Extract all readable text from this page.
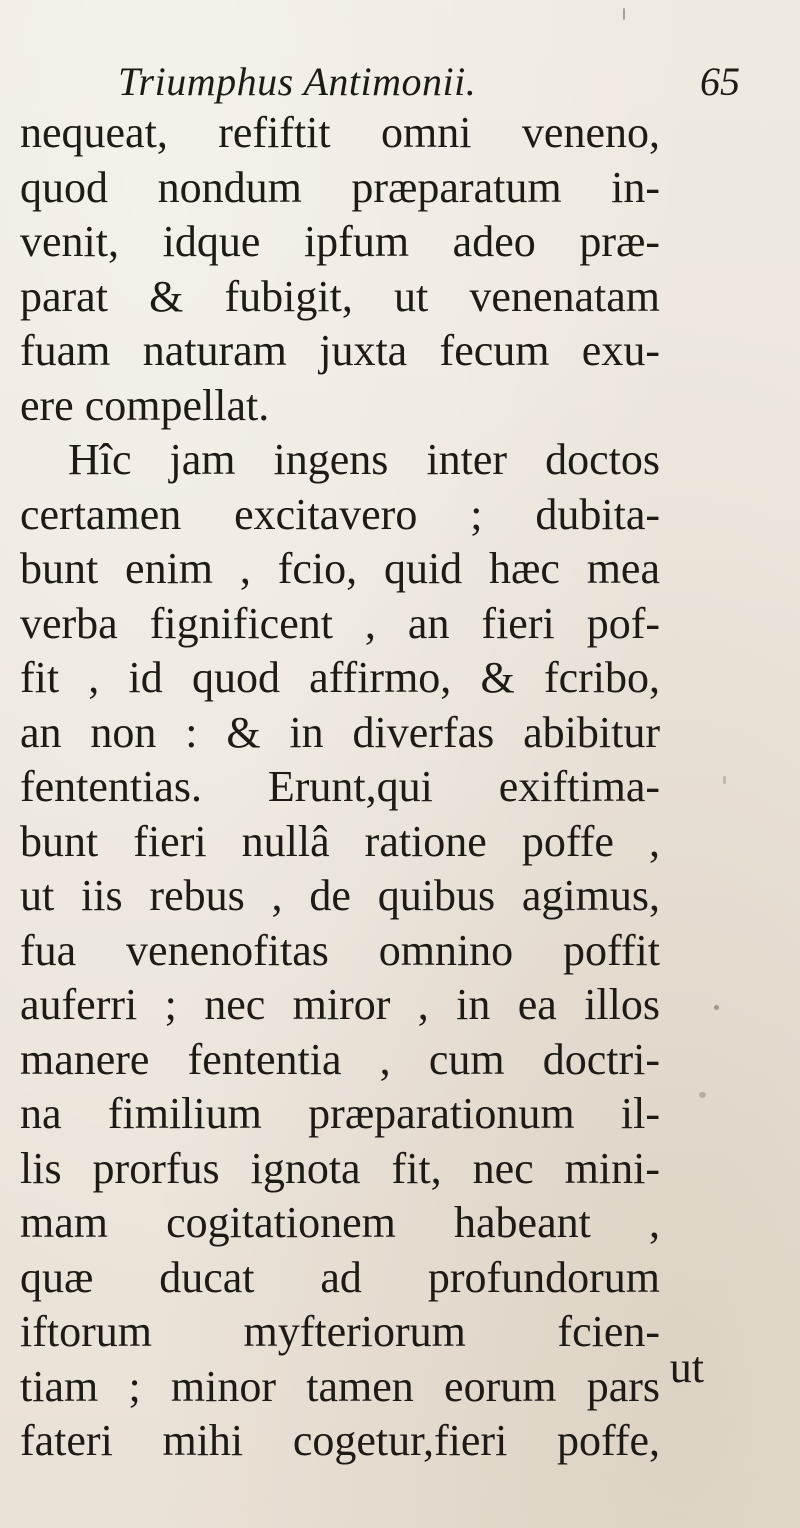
Triumphus Antimonii.	65
nequeat, refiftit omni veneno,
quod nondum præparatum in-
venit, idque ipfum adeo præ-
parat & fubigit, ut venenatam
fuam naturam juxta fecum exu-
ere compellat.
Hîc jam ingens inter doctos
certamen excitavero ; dubita-
bunt enim , fcio, quid hæc mea
verba fignificent , an fieri pof-
fit , id quod affirmo, & fcribo,
an non : & in diverfas abibitur
fententias. Erunt,qui exiftima-
bunt fieri nullâ ratione poffe ,
ut iis rebus , de quibus agimus,
fua venenofitas omnino poffit
auferri ; nec miror , in ea illos
manere fententia , cum doctri-
na fimilium præparationum il-
lis prorfus ignota fit, nec mini-
mam cogitationem habeant ,
quæ ducat ad profundorum
iftorum myfteriorum fcien-
tiam ; minor tamen eorum pars
fateri mihi cogetur,fieri poffe,
ut
